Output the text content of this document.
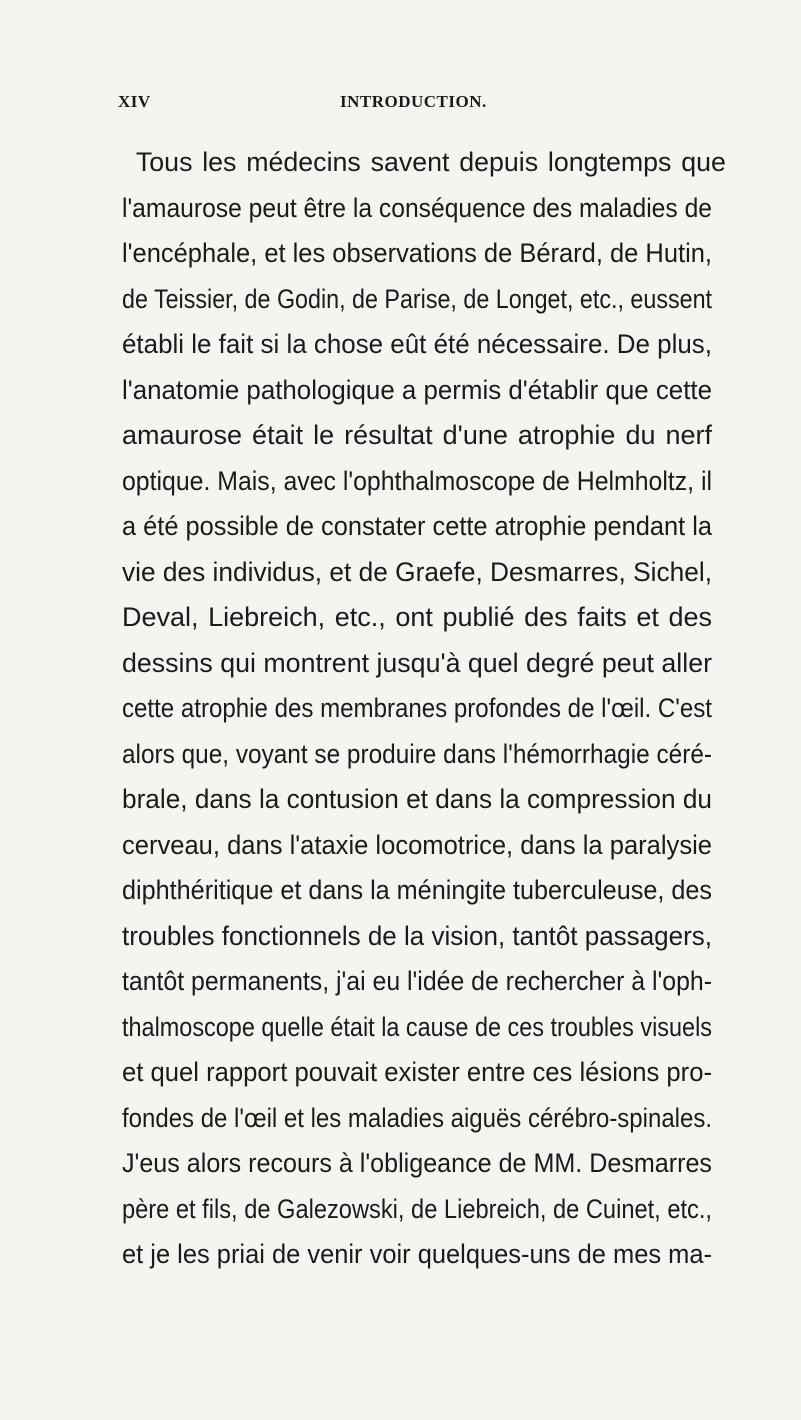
XIV	INTRODUCTION.
Tous les médecins savent depuis longtemps que
l'amaurose peut être la conséquence des maladies de
l'encéphale, et les observations de Bérard, de Hutin,
de Teissier, de Godin, de Parise, de Longet, etc., eussent
établi le fait si la chose eût été nécessaire. De plus,
l'anatomie pathologique a permis d'établir que cette
amaurose était le résultat d'une atrophie du nerf
optique. Mais, avec l'ophthalmoscope de Helmholtz, il
a été possible de constater cette atrophie pendant la
vie des individus, et de Graefe, Desmarres, Sichel,
Deval, Liebreich, etc., ont publié des faits et des
dessins qui montrent jusqu'à quel degré peut aller
cette atrophie des membranes profondes de l'œil. C'est
alors que, voyant se produire dans l'hémorrhagie céré-
brale, dans la contusion et dans la compression du
cerveau, dans l'ataxie locomotrice, dans la paralysie
diphthéritique et dans la méningite tuberculeuse, des
troubles fonctionnels de la vision, tantôt passagers,
tantôt permanents, j'ai eu l'idée de rechercher à l'oph-
thalmoscope quelle était la cause de ces troubles visuels
et quel rapport pouvait exister entre ces lésions pro-
fondes de l'œil et les maladies aiguës cérébro-spinales.
J'eus alors recours à l'obligeance de MM. Desmarres
père et fils, de Galezowski, de Liebreich, de Cuinet, etc.,
et je les priai de venir voir quelques-uns de mes ma-
